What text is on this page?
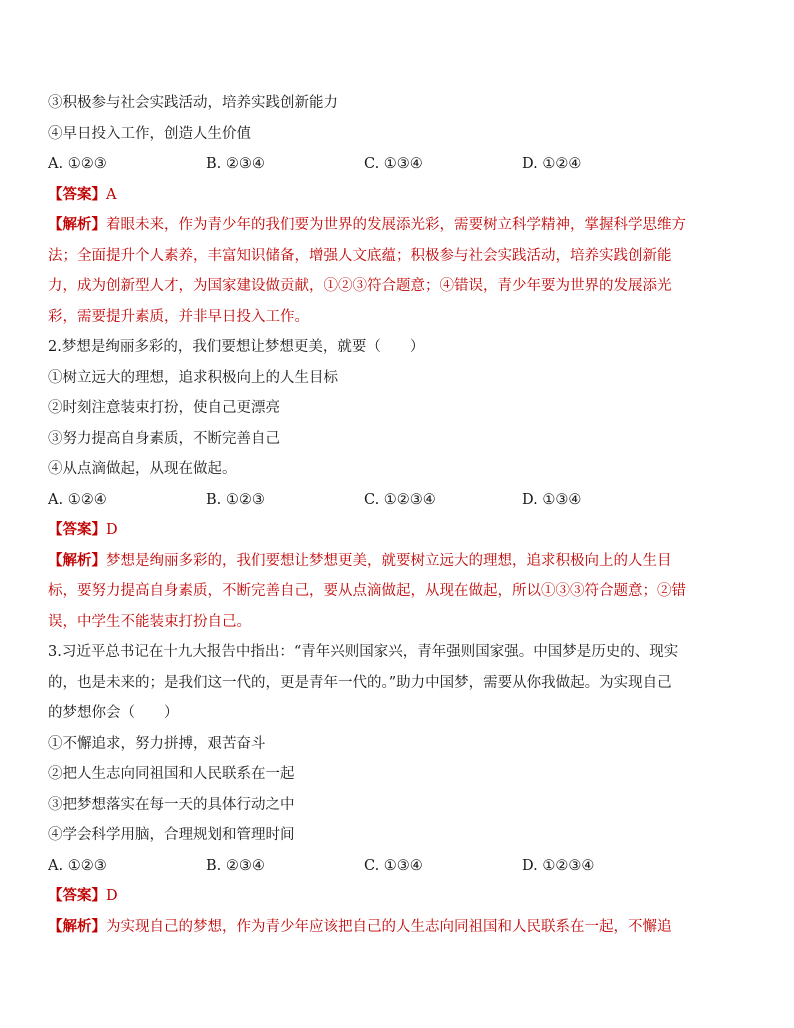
③积极参与社会实践活动，培养实践创新能力
④早日投入工作，创造人生价值
A. ①②③	B. ②③④	C. ①③④	D. ①②④
【答案】A
【解析】着眼未来，作为青少年的我们要为世界的发展添光彩，需要树立科学精神，掌握科学思维方
法；全面提升个人素养，丰富知识储备，增强人文底蕴；积极参与社会实践活动，培养实践创新能
力，成为创新型人才，为国家建设做贡献，①②③符合题意；④错误，青少年要为世界的发展添光
彩，需要提升素质，并非早日投入工作。
2.梦想是绚丽多彩的，我们要想让梦想更美，就要（　　）
①树立远大的理想，追求积极向上的人生目标
②时刻注意装束打扮，使自己更漂亮
③努力提高自身素质，不断完善自己
④从点滴做起，从现在做起。
A. ①②④	B. ①②③	C. ①②③④	D. ①③④
【答案】D
【解析】梦想是绚丽多彩的，我们要想让梦想更美，就要树立远大的理想，追求积极向上的人生目
标，要努力提高自身素质，不断完善自己，要从点滴做起，从现在做起，所以①③③符合题意；②错
误，中学生不能装束打扮自己。
3.习近平总书记在十九大报告中指出：“青年兴则国家兴，青年强则国家强。中国梦是历史的、现实
的，也是未来的；是我们这一代的，更是青年一代的。”助力中国梦，需要从你我做起。为实现自己
的梦想你会（　　）
①不懈追求，努力拼搏，艰苦奋斗
②把人生志向同祖国和人民联系在一起
③把梦想落实在每一天的具体行动之中
④学会科学用脑，合理规划和管理时间
A. ①②③	B. ②③④	C. ①③④	D. ①②③④
【答案】D
【解析】为实现自己的梦想，作为青少年应该把自己的人生志向同祖国和人民联系在一起，不懈追
